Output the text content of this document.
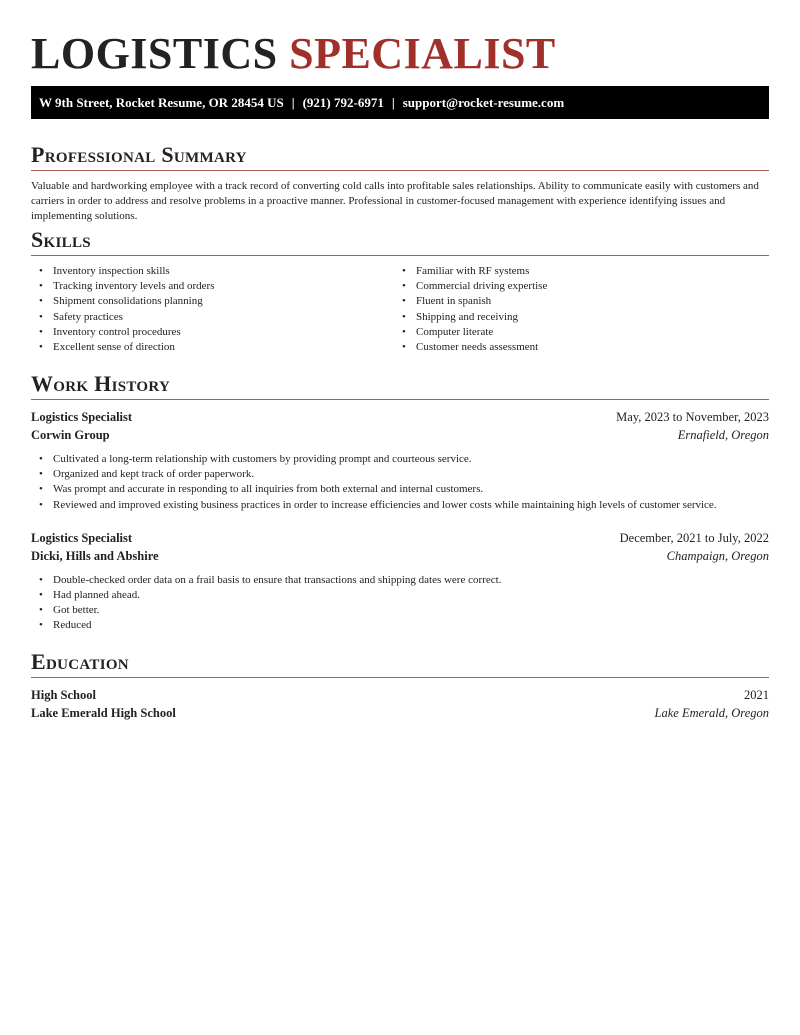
LOGISTICS SPECIALIST
W 9th Street, Rocket Resume, OR 28454 US | (921) 792-6971 | support@rocket-resume.com
Professional Summary

Valuable and hardworking employee with a track record of converting cold calls into profitable sales relationships. Ability to communicate easily with customers and carriers in order to address and resolve problems in a proactive manner. Professional in customer-focused management with experience identifying issues and implementing solutions.

Skills
• Inventory inspection skills
• Tracking inventory levels and orders
• Shipment consolidations planning
• Safety practices
• Inventory control procedures
• Excellent sense of direction
• Familiar with RF systems
• Commercial driving expertise
• Fluent in spanish
• Shipping and receiving
• Computer literate
• Customer needs assessment
Work History
Logistics Specialist	May, 2023 to November, 2023
Corwin Group	Ernafield, Oregon
• Cultivated a long-term relationship with customers by providing prompt and courteous service.
• Organized and kept track of order paperwork.
• Was prompt and accurate in responding to all inquiries from both external and internal customers.
• Reviewed and improved existing business practices in order to increase efficiencies and lower costs while maintaining high levels of customer service.
Logistics Specialist	December, 2021 to July, 2022
Dicki, Hills and Abshire	Champaign, Oregon
• Double-checked order data on a frail basis to ensure that transactions and shipping dates were correct.
• Had planned ahead.
• Got better.
• Reduced
Education
High School	2021
Lake Emerald High School	Lake Emerald, Oregon
